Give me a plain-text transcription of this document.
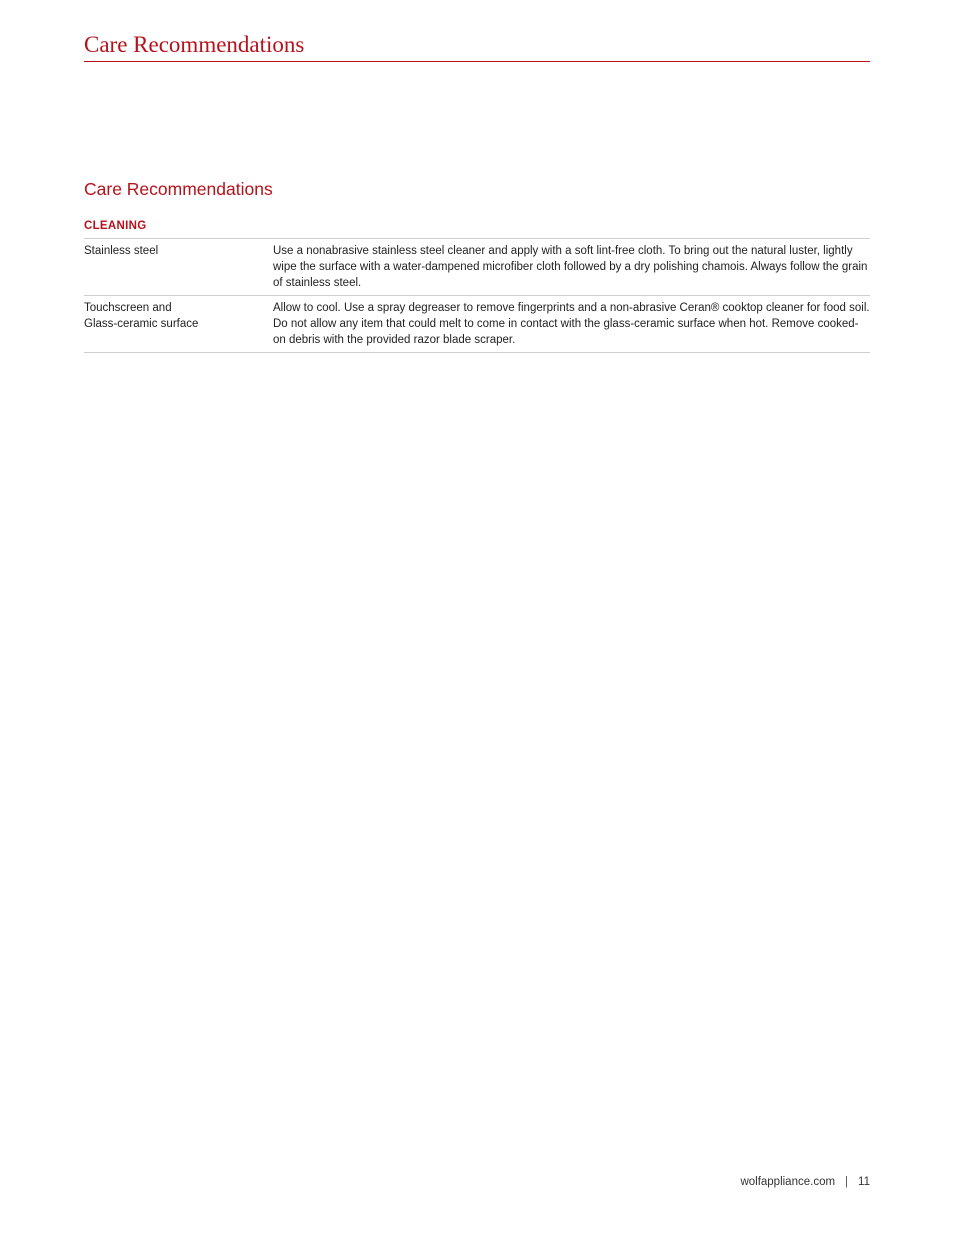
Care Recommendations
Care Recommendations
CLEANING
Stainless steel	Use a nonabrasive stainless steel cleaner and apply with a soft lint-free cloth. To bring out the natural luster, lightly wipe the surface with a water-dampened microfiber cloth followed by a dry polishing chamois. Always follow the grain of stainless steel.
Touchscreen and
Glass-ceramic surface	Allow to cool. Use a spray degreaser to remove fingerprints and a non-abrasive Ceran® cooktop cleaner for food soil. Do not allow any item that could melt to come in contact with the glass-ceramic surface when hot. Remove cooked-on debris with the provided razor blade scraper.
wolfappliance.com | 11
